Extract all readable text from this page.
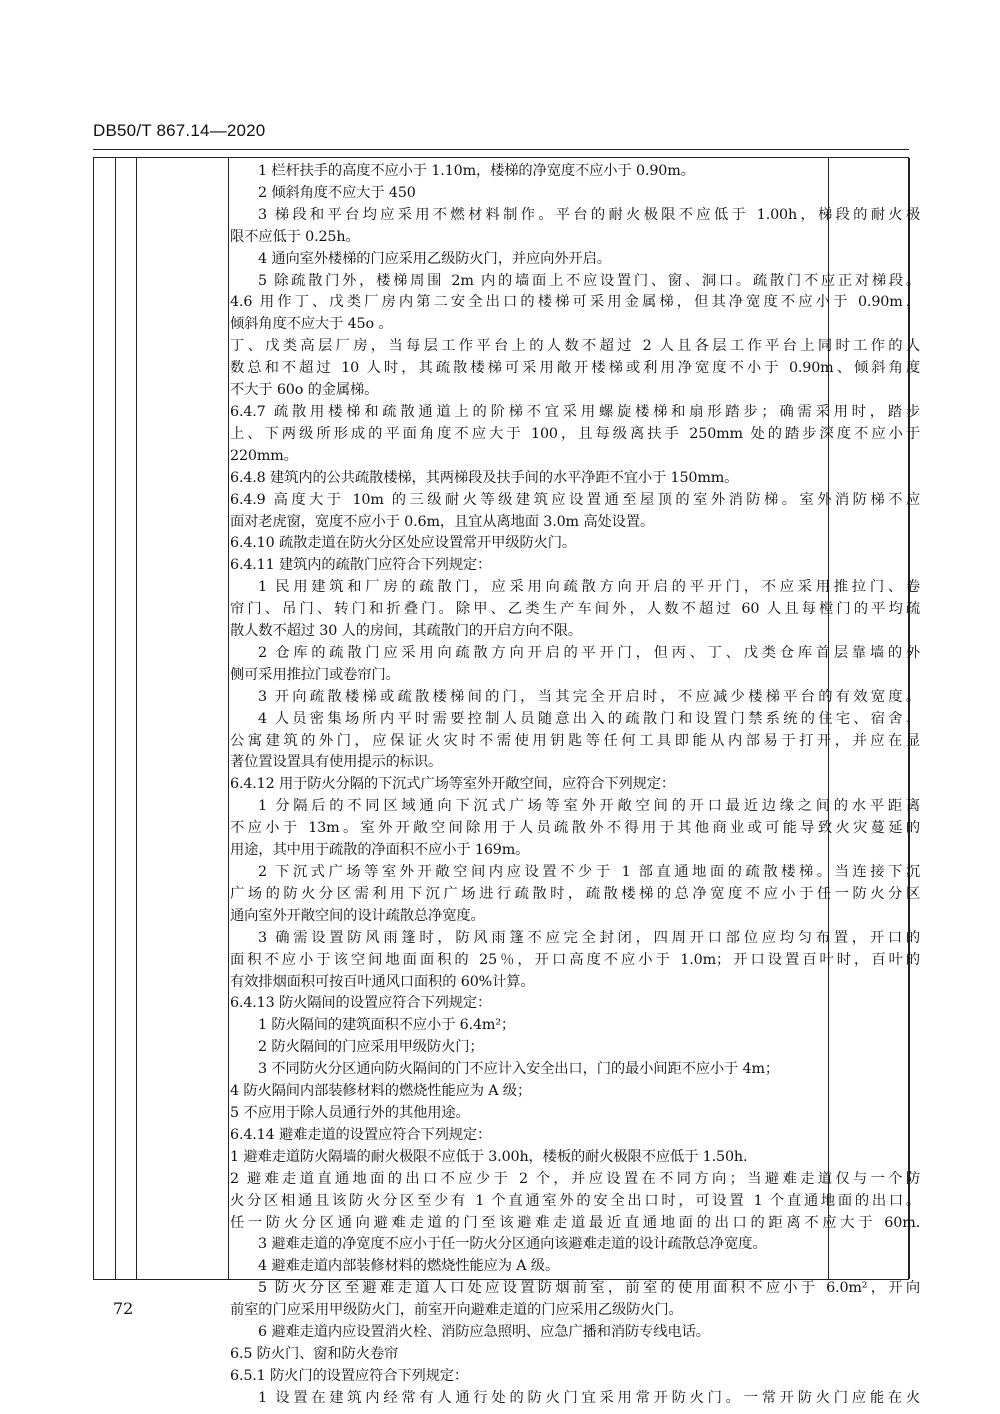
DB50/T 867.14—2020
1 栏杆扶手的高度不应小于 1.10m，楼梯的净宽度不应小于 0.90m。
2 倾斜角度不应大于 450
3 梯段和平台均应采用不燃材料制作。平台的耐火极限不应低于 1.00h，梯段的耐火极
限不应低于 0.25h。
4 通向室外楼梯的门应采用乙级防火门，并应向外开启。
5 除疏散门外，楼梯周围 2m 内的墙面上不应设置门、窗、洞口。疏散门不应正对梯段。
4.6 用作丁、戊类厂房内第二安全出口的楼梯可采用金属梯，但其净宽度不应小于 0.90m，
倾斜角度不应大于 45o 。
丁、戊类高层厂房，当每层工作平台上的人数不超过 2 人且各层工作平台上同时工作的人
数总和不超过 10 人时，其疏散楼梯可采用敞开楼梯或利用净宽度不小于 0.90m、倾斜角度
不大于 60o 的金属梯。
6.4.7 疏散用楼梯和疏散通道上的阶梯不宜采用螺旋楼梯和扇形踏步；确需采用时，踏步
上、下两级所形成的平面角度不应大于 100，且每级离扶手 250mm 处的踏步深度不应小于
220mm。
6.4.8 建筑内的公共疏散楼梯，其两梯段及扶手间的水平净距不宜小于 150mm。
6.4.9 高度大于 10m 的三级耐火等级建筑应设置通至屋顶的室外消防梯。室外消防梯不应
面对老虎窗，宽度不应小于 0.6m，且宜从离地面 3.0m 高处设置。
6.4.10 疏散走道在防火分区处应设置常开甲级防火门。
6.4.11 建筑内的疏散门应符合下列规定：
1 民用建筑和厂房的疏散门，应采用向疏散方向开启的平开门，不应采用推拉门、卷
帘门、吊门、转门和折叠门。除甲、乙类生产车间外，人数不超过 60 人且每樘门的平均疏
散人数不超过 30 人的房间，其疏散门的开启方向不限。
2 仓库的疏散门应采用向疏散方向开启的平开门，但丙、丁、戊类仓库首层靠墙的外
侧可采用推拉门或卷帘门。
3 开向疏散楼梯或疏散楼梯间的门，当其完全开启时，不应减少楼梯平台的有效宽度。
4 人员密集场所内平时需要控制人员随意出入的疏散门和设置门禁系统的住宅、宿舍、
公寓建筑的外门，应保证火灾时不需使用钥匙等任何工具即能从内部易于打开，并应在显
著位置设置具有使用提示的标识。
6.4.12 用于防火分隔的下沉式广场等室外开敞空间，应符合下列规定：
1 分隔后的不同区域通向下沉式广场等室外开敞空间的开口最近边缘之间的水平距离
不应小于 13m。室外开敞空间除用于人员疏散外不得用于其他商业或可能导致火灾蔓延的
用途，其中用于疏散的净面积不应小于 169m。
2 下沉式广场等室外开敞空间内应设置不少于 1 部直通地面的疏散楼梯。当连接下沉
广场的防火分区需利用下沉广场进行疏散时，疏散楼梯的总净宽度不应小于任一防火分区
通向室外开敞空间的设计疏散总净宽度。
3 确需设置防风雨篷时，防风雨篷不应完全封闭，四周开口部位应均匀布置，开口的
面积不应小于该空间地面面积的 25％，开口高度不应小于 1.0m；开口设置百叶时，百叶的
有效排烟面积可按百叶通风口面积的 60%计算。
6.4.13 防火隔间的设置应符合下列规定：
1 防火隔间的建筑面积不应小于 6.4m²；
2 防火隔间的门应采用甲级防火门；
3 不同防火分区通向防火隔间的门不应计入安全出口，门的最小间距不应小于 4m；
4 防火隔间内部装修材料的燃烧性能应为 A 级；
5 不应用于除人员通行外的其他用途。
6.4.14 避难走道的设置应符合下列规定：
1 避难走道防火隔墙的耐火极限不应低于 3.00h，楼板的耐火极限不应低于 1.50h.
2 避难走道直通地面的出口不应少于 2 个，并应设置在不同方向；当避难走道仅与一个防
火分区相通且该防火分区至少有 1 个直通室外的安全出口时，可设置 1 个直通地面的出口。
任一防火分区通向避难走道的门至该避难走道最近直通地面的出口的距离不应大于 60m.
3 避难走道的净宽度不应小于任一防火分区通向该避难走道的设计疏散总净宽度。
4 避难走道内部装修材料的燃烧性能应为 A 级。
5 防火分区至避难走道人口处应设置防烟前室，前室的使用面积不应小于 6.0m²，开向
前室的门应采用甲级防火门，前室开向避难走道的门应采用乙级防火门。
6 避难走道内应设置消火栓、消防应急照明、应急广播和消防专线电话。
6.5 防火门、窗和防火卷帘
6.5.1 防火门的设置应符合下列规定：
1 设置在建筑内经常有人通行处的防火门宜采用常开防火门。一常开防火门应能在火
72
